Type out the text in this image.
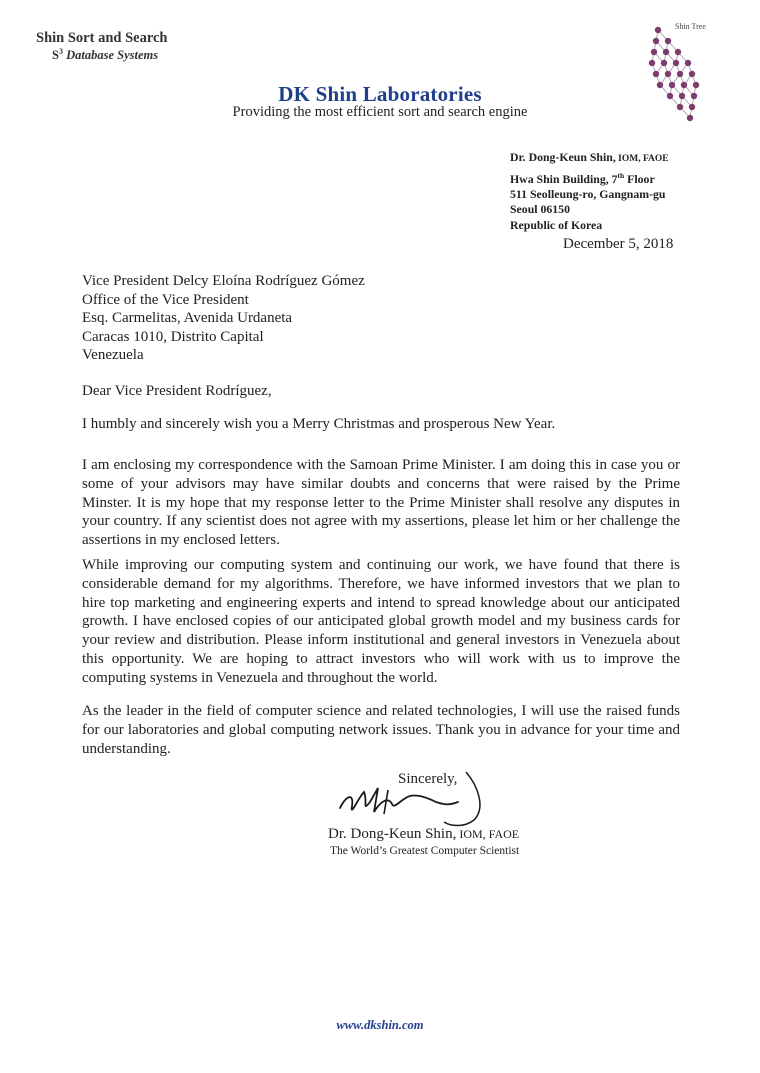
Shin Sort and Search
$S^3$ Database Systems
Shin Tree
DK Shin Laboratories
Providing the most efficient sort and search engine
Dr. Dong-Keun Shin, IOM, FAOE
Hwa Shin Building, 7th Floor
511 Seolleung-ro, Gangnam-gu
Seoul 06150
Republic of Korea
December 5, 2018
Vice President Delcy Eloína Rodríguez Gómez
Office of the Vice President
Esq. Carmelitas, Avenida Urdaneta
Caracas 1010, Distrito Capital
Venezuela
Dear Vice President Rodríguez,
I humbly and sincerely wish you a Merry Christmas and prosperous New Year.
I am enclosing my correspondence with the Samoan Prime Minister. I am doing this in case you or some of your advisors may have similar doubts and concerns that were raised by the Prime Minster. It is my hope that my response letter to the Prime Minister shall resolve any disputes in your country. If any scientist does not agree with my assertions, please let him or her challenge the assertions in my enclosed letters.
While improving our computing system and continuing our work, we have found that there is considerable demand for my algorithms. Therefore, we have informed investors that we plan to hire top marketing and engineering experts and intend to spread knowledge about our anticipated growth. I have enclosed copies of our anticipated global growth model and my business cards for your review and distribution. Please inform institutional and general investors in Venezuela about this opportunity. We are hoping to attract investors who will work with us to improve the computing systems in Venezuela and throughout the world.
As the leader in the field of computer science and related technologies, I will use the raised funds for our laboratories and global computing network issues. Thank you in advance for your time and understanding.
Sincerely,
Dr. Dong-Keun Shin, IOM, FAOE
The World’s Greatest Computer Scientist
www.dkshin.com
